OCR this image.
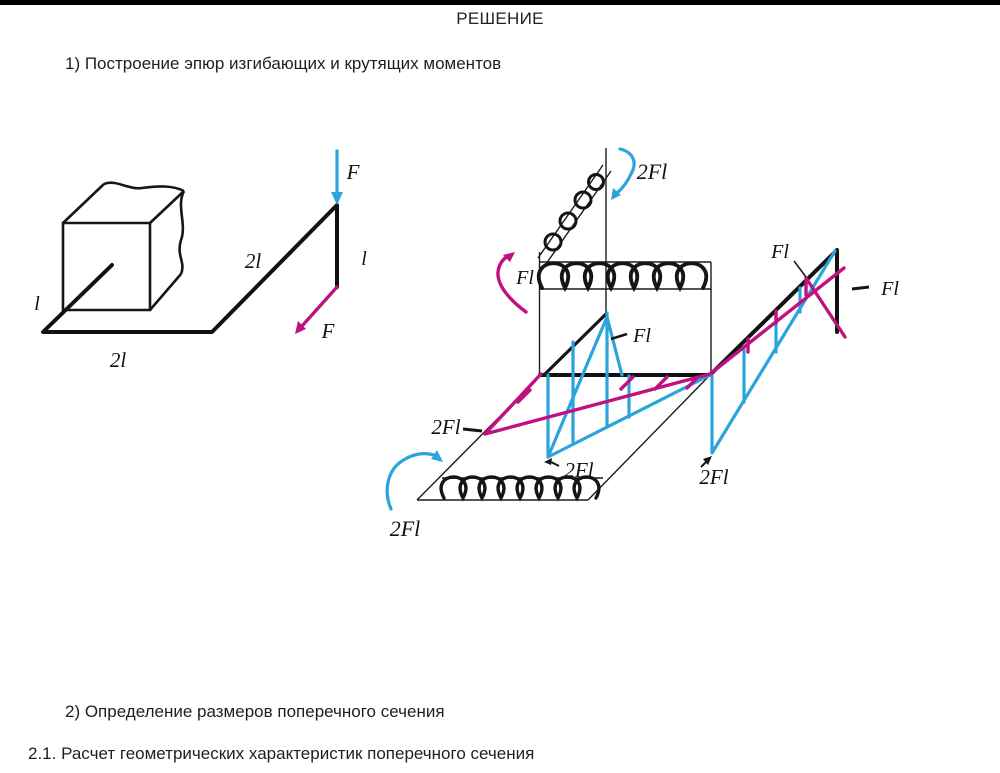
РЕШЕНИЕ
1) Построение эпюр изгибающих и крутящих моментов
2) Определение размеров поперечного сечения
2.1. Расчет геометрических характеристик поперечного сечения
F
l
2l
F
l
2l
2Fl
Fl
Fl
2Fl
2Fl	2Fl
2Fl
Fl
Fl
